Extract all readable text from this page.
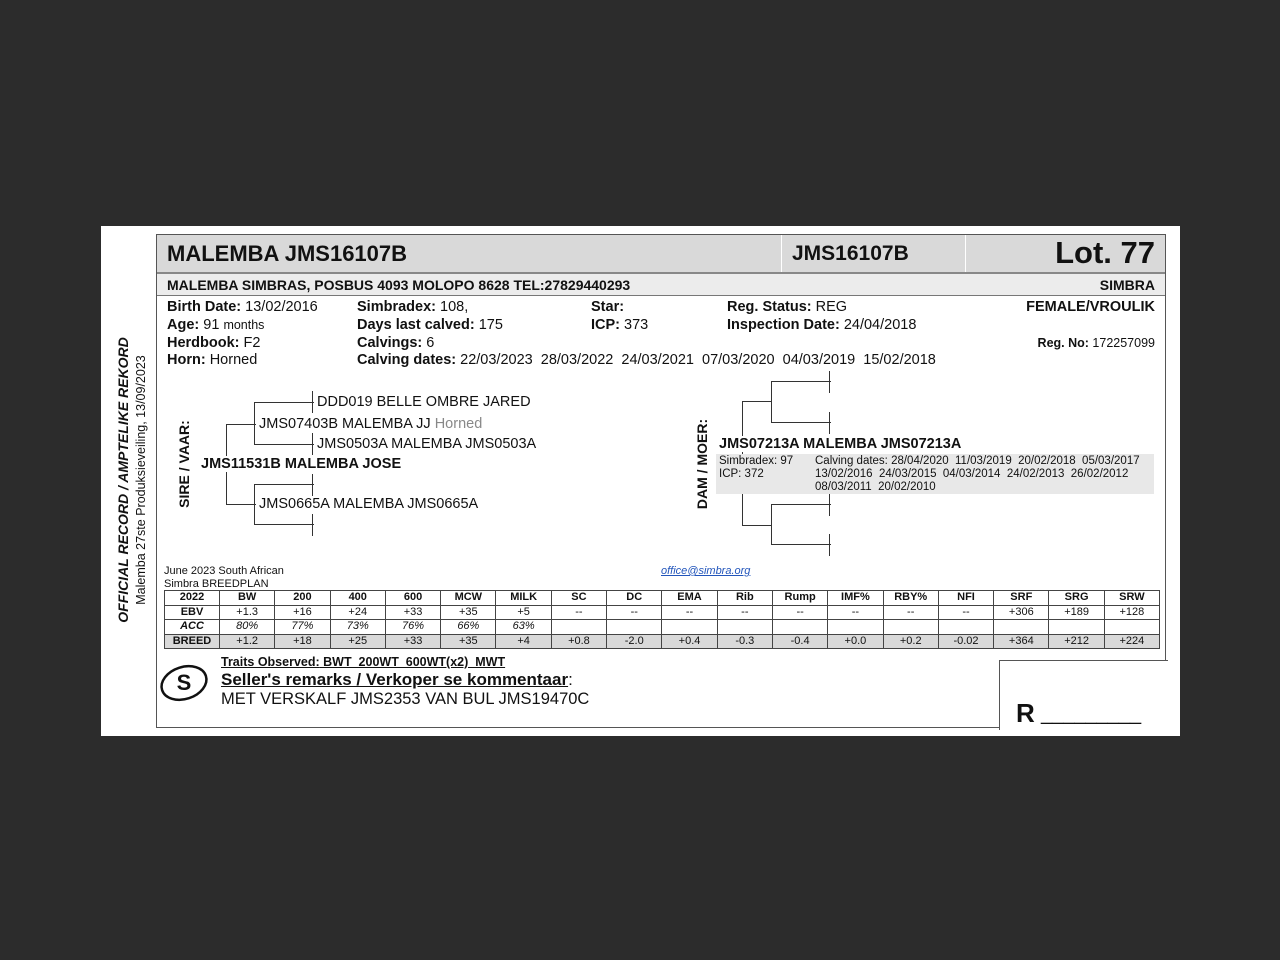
OFFICIAL RECORD / AMPTELIKE REKORD Malemba 27ste Produksieveiling, 13/09/2023
MALEMBA JMS16107B	JMS16107B	Lot. 77
MALEMBA SIMBRAS, POSBUS 4093 MOLOPO 8628 TEL:27829440293	SIMBRA
Birth Date: 13/02/2016
Age: 91 months
Herdbook: F2
Horn: Horned
Simbradex: 108,
Days last calved: 175
Calvings: 6
Calving dates: 22/03/2023  28/03/2022  24/03/2021  07/03/2020  04/03/2019  15/02/2018
Star:
ICP: 373
Reg. Status: REG
Inspection Date: 24/04/2018
FEMALE/VROULIK
Reg. No: 172257099
SIRE / VAAR:
DDD019 BELLE OMBRE JARED
JMS07403B MALEMBA JJ Horned
JMS0503A MALEMBA JMS0503A
JMS11531B MALEMBA JOSE
JMS0665A MALEMBA JMS0665A	DAM / MOER: JMS07213A MALEMBA JMS07213A
Simbradex: 97
ICP: 372
Calving dates: 28/04/2020  11/03/2019  20/02/2018  05/03/2017
13/02/2016  24/03/2015  04/03/2014  24/02/2013  26/02/2012
08/03/2011  20/02/2010
June 2023 South African
Simbra BREEDPLAN
office@simbra.org
2022	BW	200	400	600	MCW	MILK	SC	DC	EMA	Rib	Rump	IMF%	RBY%	NFI	SRF	SRG	SRW
EBV	+1.3	+16	+24	+33	+35	+5	--	--	--	--	--	--	--	--	+306	+189	+128
ACC	80%	77%	73%	76%	66%	63%											
BREED	+1.2	+18	+25	+33	+35	+4	+0.8	-2.0	+0.4	-0.3	-0.4	+0.0	+0.2	-0.02	+364	+212	+224
S
Traits Observed: BWT  200WT  600WT(x2)  MWT
Seller's remarks / Verkoper se kommentaar:
MET VERSKALF JMS2353 VAN BUL JMS19470C	R _________
